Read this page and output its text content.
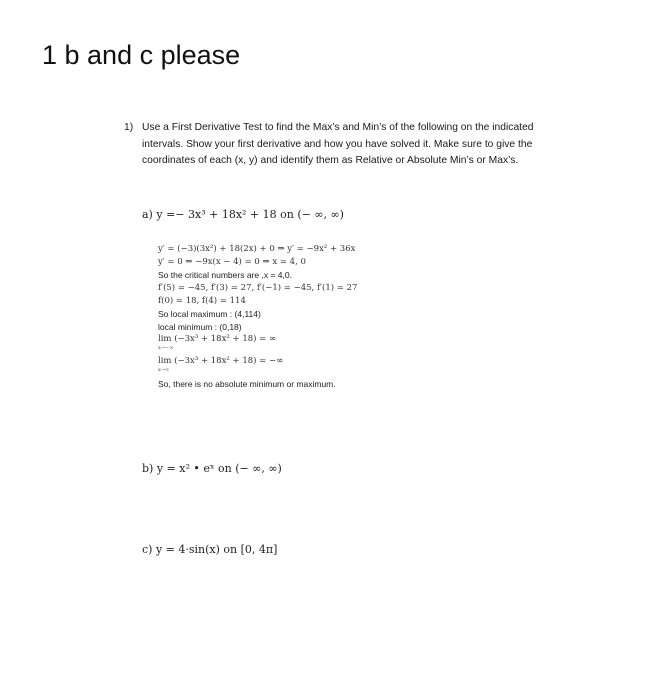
1 b and c please
1) Use a First Derivative Test to find the Max’s and Min’s of the following on the indicated intervals. Show your first derivative and how you have solved it. Make sure to give the coordinates of each (x, y) and identify them as Relative or Absolute Min’s or Max’s.
a) y =− 3x³ + 18x² + 18 on (− ∞, ∞)
y′ = (−3)(3x²) + 18(2x) + 0 ⇒ y′ = −9x² + 36x
y′ = 0 ⇒ −9x(x − 4) = 0 ⇒ x = 4, 0
So the critical numbers are ,x = 4,0.
f′(5) = −45, f′(3) = 27, f′(−1) = −45, f′(1) = 27
f(0) = 18, f(4) = 114
So local maximum : (4,114)
local minimum : (0,18)
lim (−3x³ + 18x² + 18) = ∞
x→−∞
lim (−3x³ + 18x² + 18) = −∞
x→∞
So, there is no absolute minimum or maximum.
b) y = x² • eˣ on (− ∞, ∞)
c) y = 4·sin(x) on [0, 4π]
